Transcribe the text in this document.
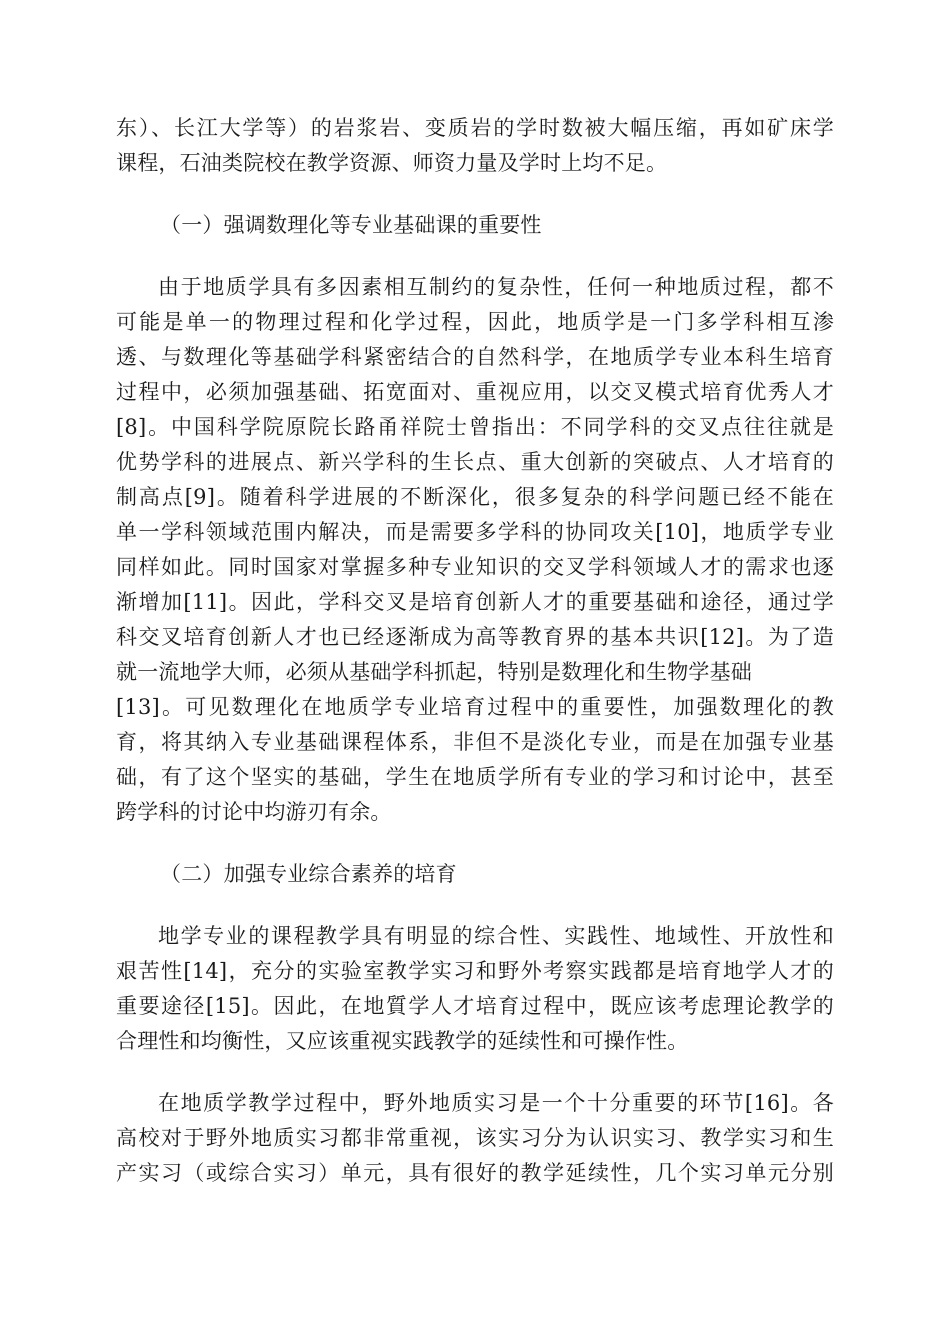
东）、长江大学等）的岩浆岩、变质岩的学时数被大幅压缩，再如矿床学
课程，石油类院校在教学资源、师资力量及学时上均不足。
（一）强调数理化等专业基础课的重要性
由于地质学具有多因素相互制约的复杂性，任何一种地质过程，都不
可能是单一的物理过程和化学过程，因此，地质学是一门多学科相互渗
透、与数理化等基础学科紧密结合的自然科学，在地质学专业本科生培育
过程中，必须加强基础、拓宽面对、重视应用，以交叉模式培育优秀人才
[8]。中国科学院原院长路甬祥院士曾指出：不同学科的交叉点往往就是
优势学科的进展点、新兴学科的生长点、重大创新的突破点、人才培育的
制高点[9]。随着科学进展的不断深化，很多复杂的科学问题已经不能在
单一学科领域范围内解决，而是需要多学科的协同攻关[10]，地质学专业
同样如此。同时国家对掌握多种专业知识的交叉学科领域人才的需求也逐
渐增加[11]。因此，学科交叉是培育创新人才的重要基础和途径，通过学
科交叉培育创新人才也已经逐渐成为高等教育界的基本共识[12]。为了造
就一流地学大师，必须从基础学科抓起，特别是数理化和生物学基础
[13]。可见数理化在地质学专业培育过程中的重要性，加强数理化的教
育，将其纳入专业基础课程体系，非但不是淡化专业，而是在加强专业基
础，有了这个坚实的基础，学生在地质学所有专业的学习和讨论中，甚至
跨学科的讨论中均游刃有余。
（二）加强专业综合素养的培育
地学专业的课程教学具有明显的综合性、实践性、地域性、开放性和
艰苦性[14]，充分的实验室教学实习和野外考察实践都是培育地学人才的
重要途径[15]。因此，在地質学人才培育过程中，既应该考虑理论教学的
合理性和均衡性，又应该重视实践教学的延续性和可操作性。
在地质学教学过程中，野外地质实习是一个十分重要的环节[16]。各
高校对于野外地质实习都非常重视，该实习分为认识实习、教学实习和生
产实习（或综合实习）单元，具有很好的教学延续性，几个实习单元分别
